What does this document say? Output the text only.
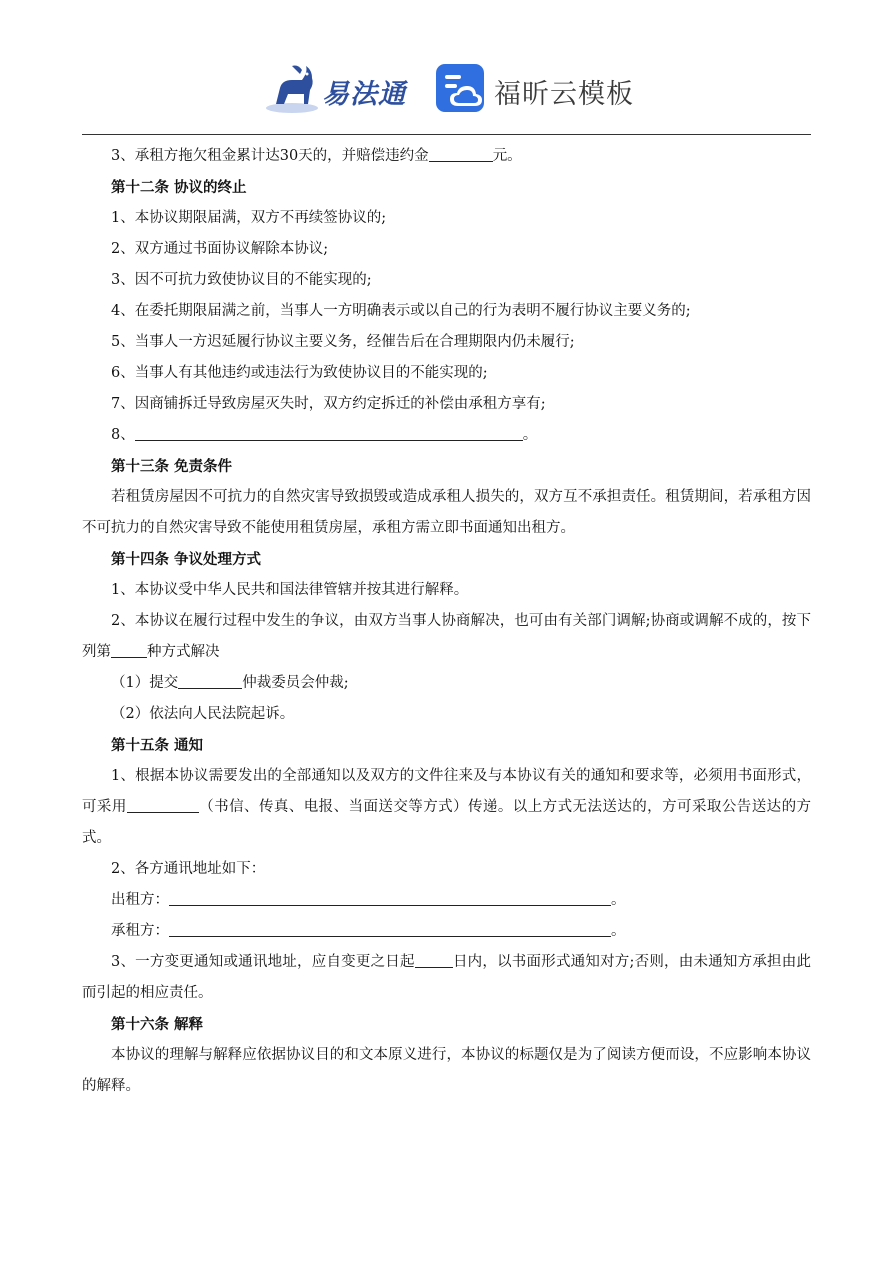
易法通	福昕云模板

3、承租方拖欠租金累计达30天的，并赔偿违约金	元。

第十二条 协议的终止

1、本协议期限届满，双方不再续签协议的;

2、双方通过书面协议解除本协议;

3、因不可抗力致使协议目的不能实现的;

4、在委托期限届满之前，当事人一方明确表示或以自己的行为表明不履行协议主要义务的;

5、当事人一方迟延履行协议主要义务，经催告后在合理期限内仍未履行;

6、当事人有其他违约或违法行为致使协议目的不能实现的;

7、因商铺拆迁导致房屋灭失时，双方约定拆迁的补偿由承租方享有;

8、	。

第十三条 免责条件

若租赁房屋因不可抗力的自然灾害导致损毁或造成承租人损失的，双方互不承担责任。租赁期间，若承租方因不可抗力的自然灾害导致不能使用租赁房屋，承租方需立即书面通知出租方。

第十四条 争议处理方式

1、本协议受中华人民共和国法律管辖并按其进行解释。

2、本协议在履行过程中发生的争议，由双方当事人协商解决，也可由有关部门调解;协商或调解不成的，按下列第 种方式解决

（1）提交	仲裁委员会仲裁;

（2）依法向人民法院起诉。

第十五条 通知

1、根据本协议需要发出的全部通知以及双方的文件往来及与本协议有关的通知和要求等，必须用书面形式，可采用	（书信、传真、电报、当面送交等方式）传递。以上方式无法送达的，方可采取公告送达的方式。

2、各方通讯地址如下：

出租方：	。

承租方：	。

3、一方变更通知或通讯地址，应自变更之日起	日内，以书面形式通知对方;否则，由未通知方承担由此而引起的相应责任。

第十六条 解释

本协议的理解与解释应依据协议目的和文本原义进行，本协议的标题仅是为了阅读方便而设，不应影响本协议的解释。
